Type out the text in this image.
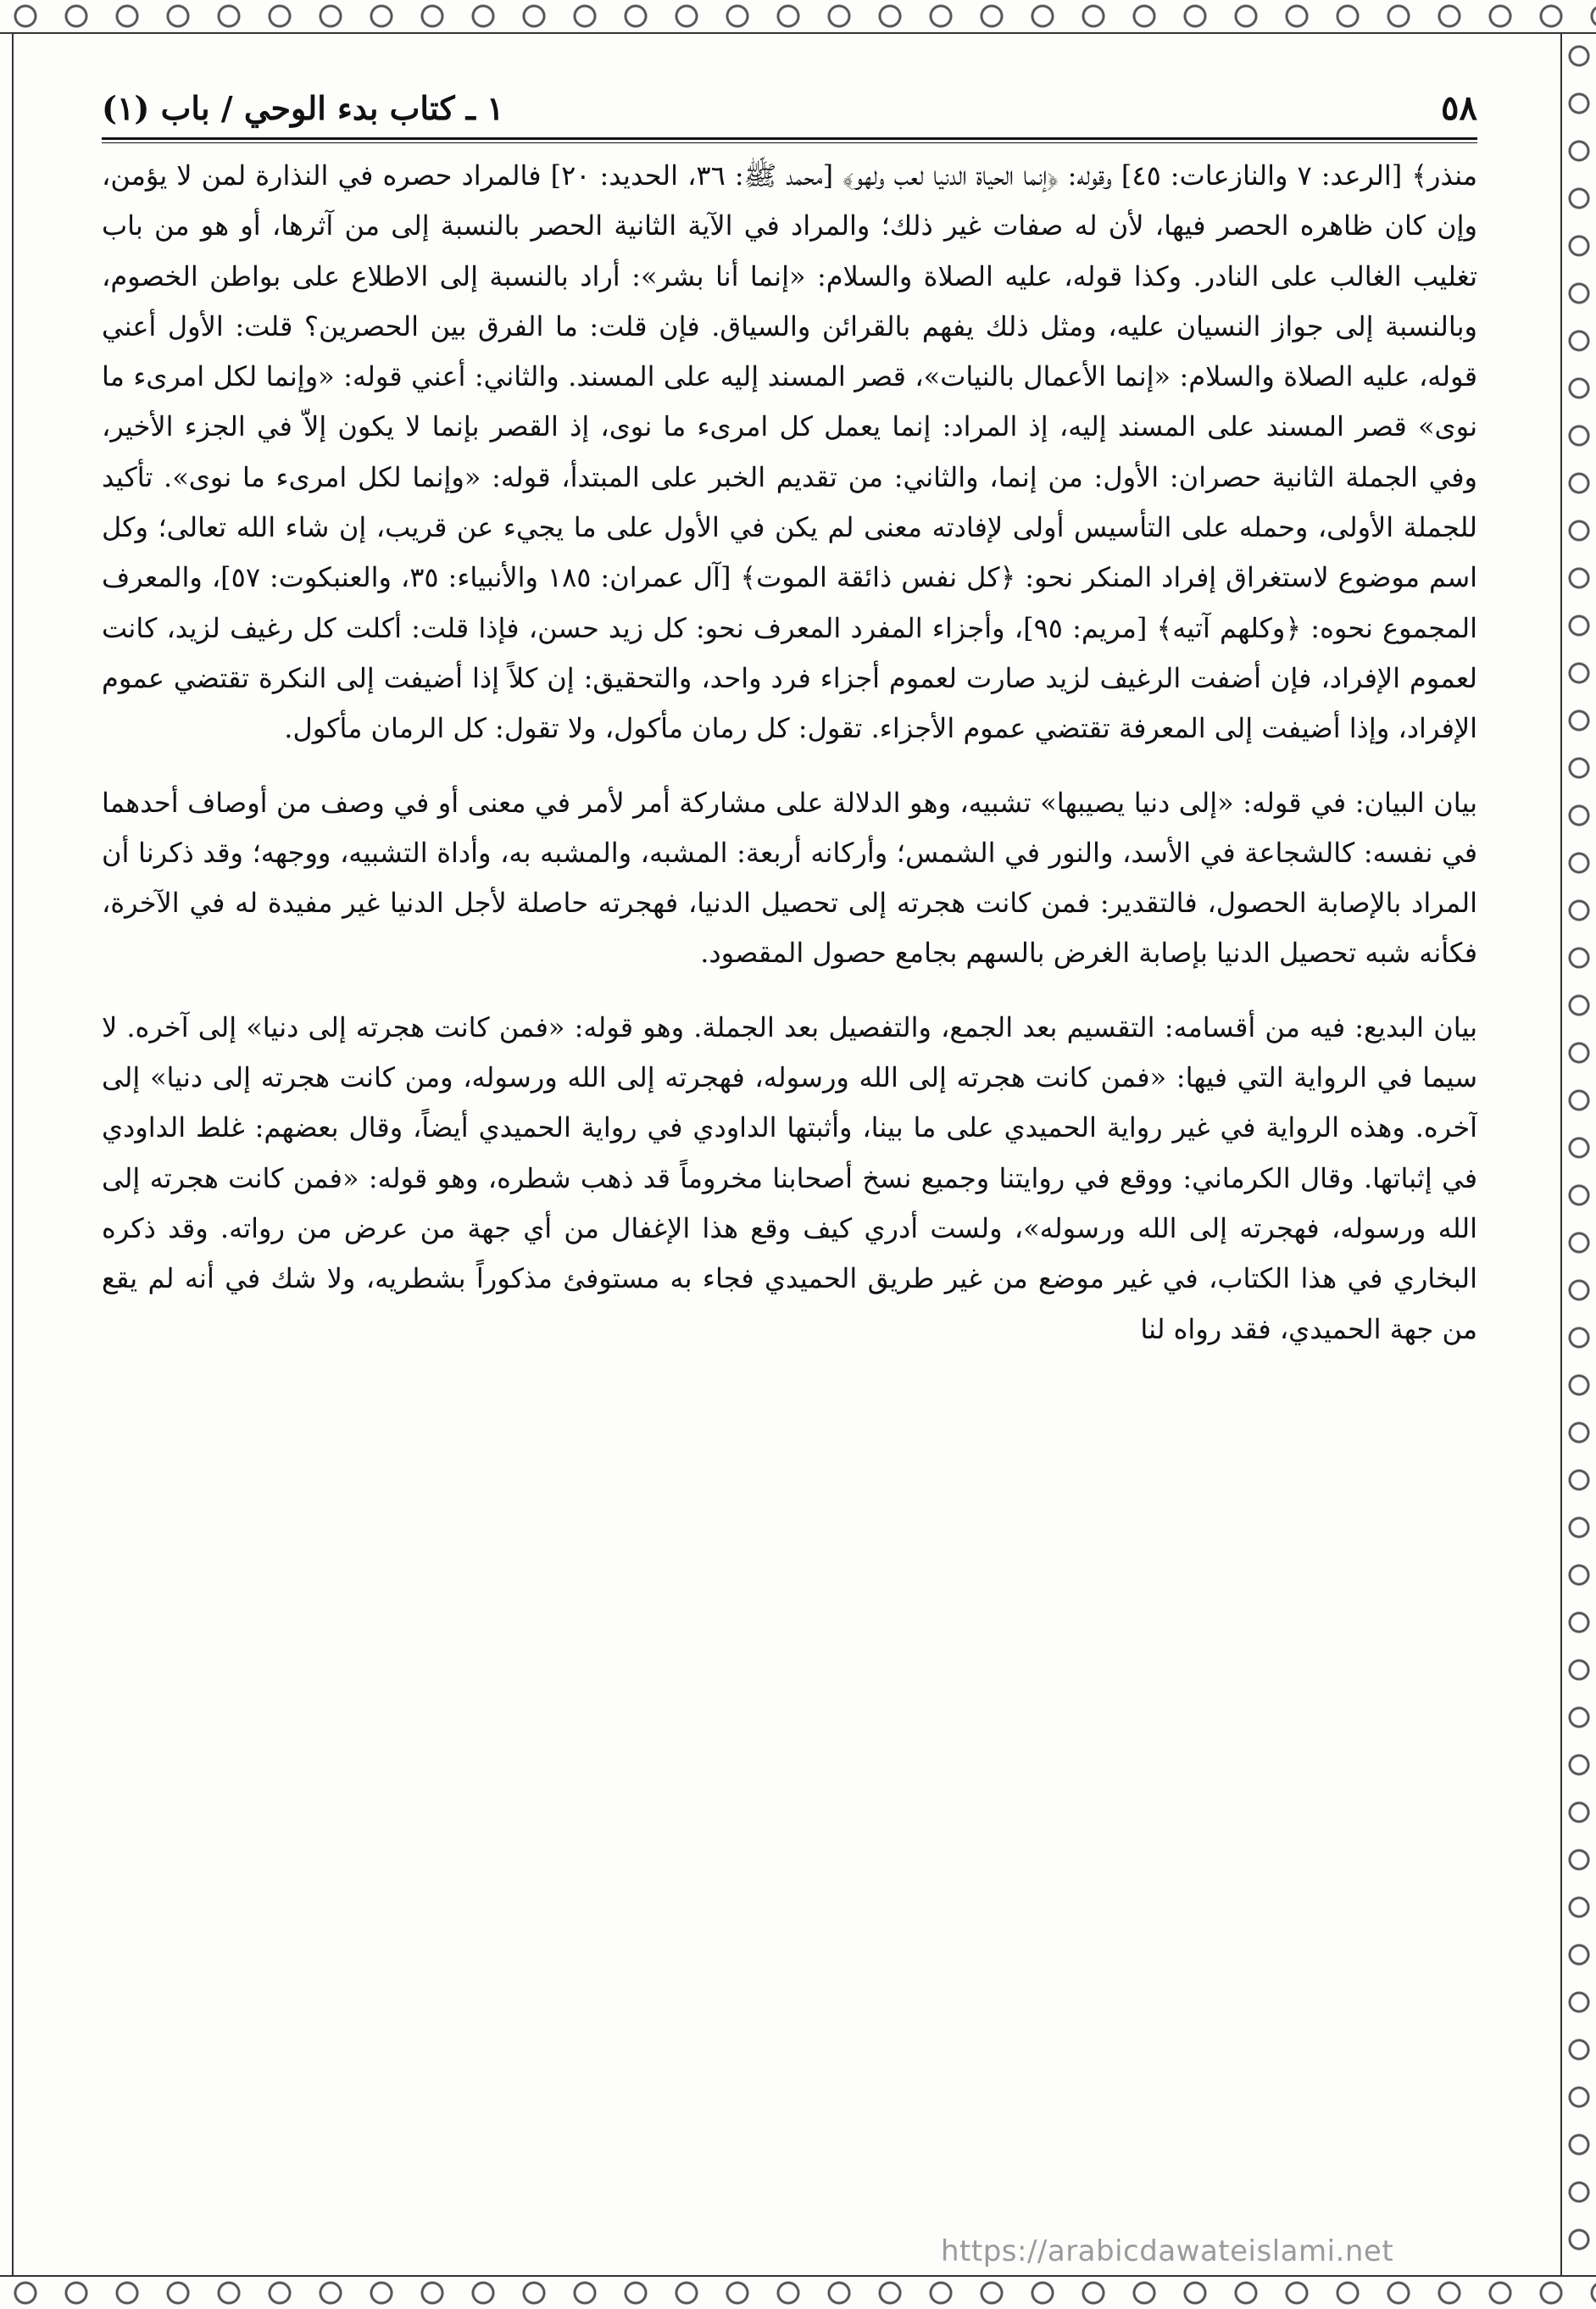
٥٨
١ ـ كتاب بدء الوحي / باب (١)

منذر﴾ [الرعد: ٧ والنازعات: ٤٥] وقوله: ﴿إنما الحياة الدنيا لعب ولهو﴾ [محمد ﷺ: ٣٦، الحديد: ٢٠] فالمراد حصره في النذارة لمن لا يؤمن، وإن كان ظاهره الحصر فيها، لأن له صفات غير ذلك؛ والمراد في الآية الثانية الحصر بالنسبة إلى من آثرها، أو هو من باب تغليب الغالب على النادر. وكذا قوله، عليه الصلاة والسلام: «إنما أنا بشر»: أراد بالنسبة إلى الاطلاع على بواطن الخصوم، وبالنسبة إلى جواز النسيان عليه، ومثل ذلك يفهم بالقرائن والسياق. فإن قلت: ما الفرق بين الحصرين؟ قلت: الأول أعني قوله، عليه الصلاة والسلام: «إنما الأعمال بالنيات»، قصر المسند إليه على المسند. والثاني: أعني قوله: «وإنما لكل امرىء ما نوى» قصر المسند على المسند إليه، إذ المراد: إنما يعمل كل امرىء ما نوى، إذ القصر بإنما لا يكون إلاّ في الجزء الأخير، وفي الجملة الثانية حصران: الأول: من إنما، والثاني: من تقديم الخبر على المبتدأ، قوله: «وإنما لكل امرىء ما نوى». تأكيد للجملة الأولى، وحمله على التأسيس أولى لإفادته معنى لم يكن في الأول على ما يجيء عن قريب، إن شاء الله تعالى؛ وكل اسم موضوع لاستغراق إفراد المنكر نحو: ﴿كل نفس ذائقة الموت﴾ [آل عمران: ١٨٥ والأنبياء: ٣٥، والعنبكوت: ٥٧]، والمعرف المجموع نحوه: ﴿وكلهم آتيه﴾ [مريم: ٩٥]، وأجزاء المفرد المعرف نحو: كل زيد حسن، فإذا قلت: أكلت كل رغيف لزيد، كانت لعموم الإفراد، فإن أضفت الرغيف لزيد صارت لعموم أجزاء فرد واحد، والتحقيق: إن كلاً إذا أضيفت إلى النكرة تقتضي عموم الإفراد، وإذا أضيفت إلى المعرفة تقتضي عموم الأجزاء. تقول: كل رمان مأكول، ولا تقول: كل الرمان مأكول.

بيان البيان: في قوله: «إلى دنيا يصيبها» تشبيه، وهو الدلالة على مشاركة أمر لأمر في معنى أو في وصف من أوصاف أحدهما في نفسه: كالشجاعة في الأسد، والنور في الشمس؛ وأركانه أربعة: المشبه، والمشبه به، وأداة التشبيه، ووجهه؛ وقد ذكرنا أن المراد بالإصابة الحصول، فالتقدير: فمن كانت هجرته إلى تحصيل الدنيا، فهجرته حاصلة لأجل الدنيا غير مفيدة له في الآخرة، فكأنه شبه تحصيل الدنيا بإصابة الغرض بالسهم بجامع حصول المقصود.

بيان البديع: فيه من أقسامه: التقسيم بعد الجمع، والتفصيل بعد الجملة. وهو قوله: «فمن كانت هجرته إلى دنيا» إلى آخره. لا سيما في الرواية التي فيها: «فمن كانت هجرته إلى الله ورسوله، فهجرته إلى الله ورسوله، ومن كانت هجرته إلى دنيا» إلى آخره. وهذه الرواية في غير رواية الحميدي على ما بينا، وأثبتها الداودي في رواية الحميدي أيضاً، وقال بعضهم: غلط الداودي في إثباتها. وقال الكرماني: ووقع في روايتنا وجميع نسخ أصحابنا مخروماً قد ذهب شطره، وهو قوله: «فمن كانت هجرته إلى الله ورسوله، فهجرته إلى الله ورسوله»، ولست أدري كيف وقع هذا الإغفال من أي جهة من عرض من رواته. وقد ذكره البخاري في هذا الكتاب، في غير موضع من غير طريق الحميدي فجاء به مستوفئ مذكوراً بشطريه، ولا شك في أنه لم يقع من جهة الحميدي، فقد رواه لنا

https://arabicdawateislami.net
